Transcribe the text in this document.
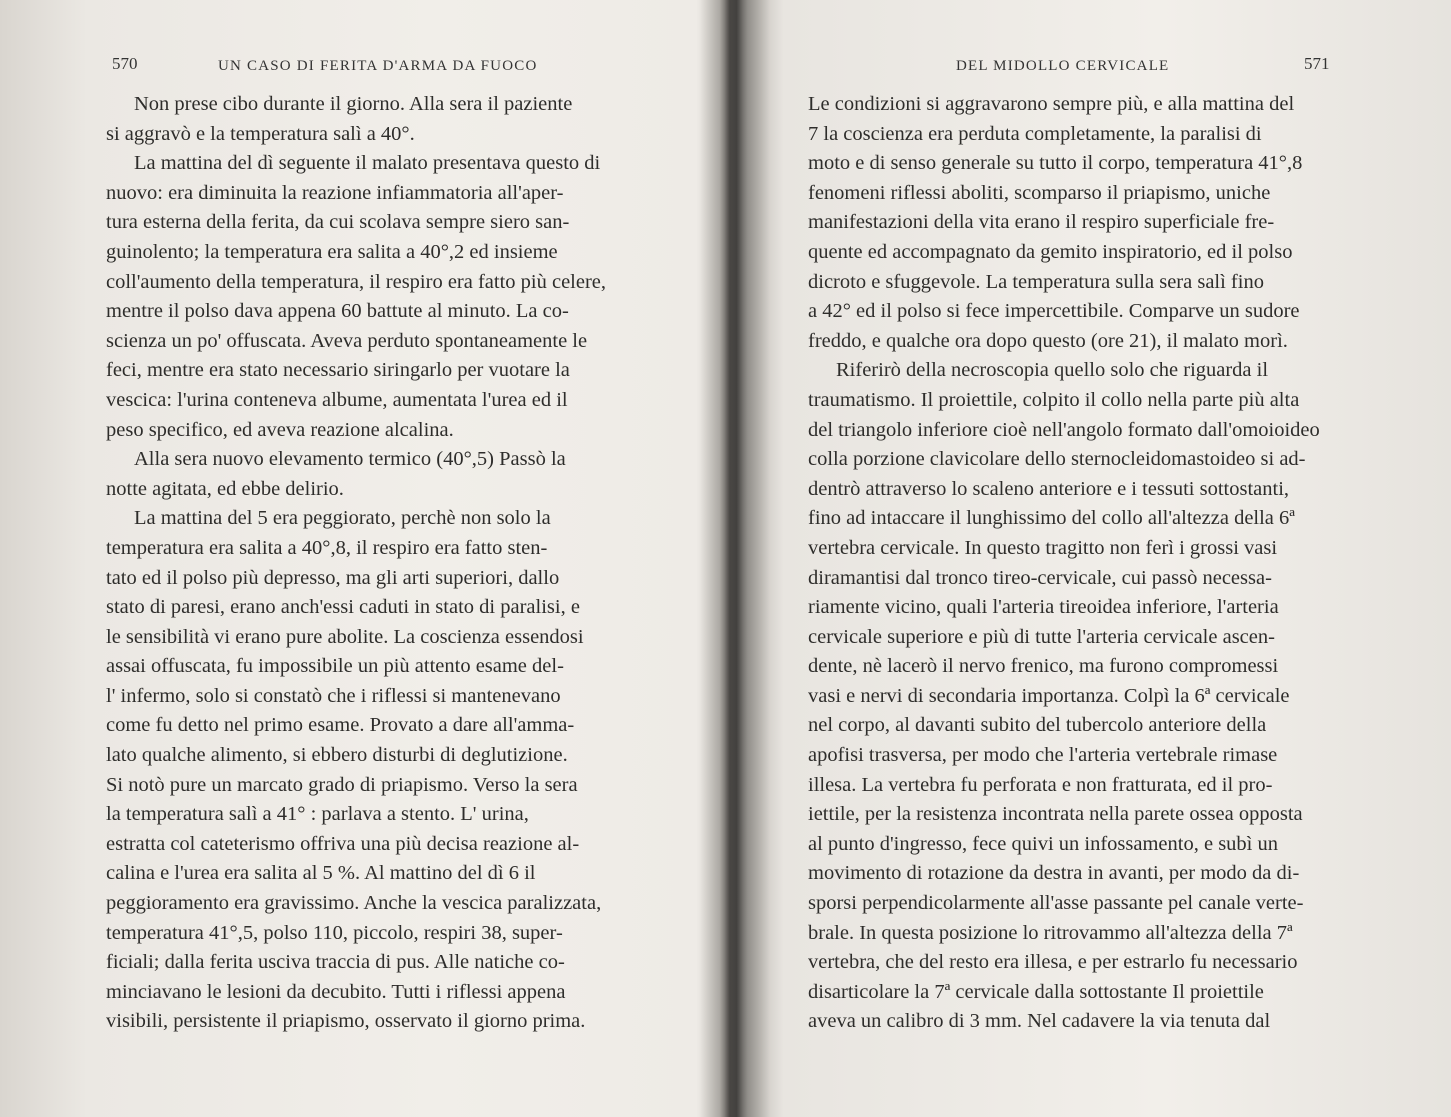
570	UN CASO DI FERITA D'ARMA DA FUOCO
Non prese cibo durante il giorno. Alla sera il paziente
si aggravò e la temperatura salì a 40°.
La mattina del dì seguente il malato presentava questo di
nuovo: era diminuita la reazione infiammatoria all'aper-
tura esterna della ferita, da cui scolava sempre siero san-
guinolento; la temperatura era salita a 40°,2 ed insieme
coll'aumento della temperatura, il respiro era fatto più celere,
mentre il polso dava appena 60 battute al minuto. La co-
scienza un po' offuscata. Aveva perduto spontaneamente le
feci, mentre era stato necessario siringarlo per vuotare la
vescica: l'urina conteneva albume, aumentata l'urea ed il
peso specifico, ed aveva reazione alcalina.
Alla sera nuovo elevamento termico (40°,5) Passò la
notte agitata, ed ebbe delirio.
La mattina del 5 era peggiorato, perchè non solo la
temperatura era salita a 40°,8, il respiro era fatto sten-
tato ed il polso più depresso, ma gli arti superiori, dallo
stato di paresi, erano anch'essi caduti in stato di paralisi, e
le sensibilità vi erano pure abolite. La coscienza essendosi
assai offuscata, fu impossibile un più attento esame del-
l' infermo, solo si constatò che i riflessi si mantenevano
come fu detto nel primo esame. Provato a dare all'amma-
lato qualche alimento, si ebbero disturbi di deglutizione.
Si notò pure un marcato grado di priapismo. Verso la sera
la temperatura salì a 41° : parlava a stento. L' urina,
estratta col cateterismo offriva una più decisa reazione al-
calina e l'urea era salita al 5 %. Al mattino del dì 6 il
peggioramento era gravissimo. Anche la vescica paralizzata,
temperatura 41°,5, polso 110, piccolo, respiri 38, super-
ficiali; dalla ferita usciva traccia di pus. Alle natiche co-
minciavano le lesioni da decubito. Tutti i riflessi appena
visibili, persistente il priapismo, osservato il giorno prima.
DEL MIDOLLO CERVICALE	571
Le condizioni si aggravarono sempre più, e alla mattina del
7 la coscienza era perduta completamente, la paralisi di
moto e di senso generale su tutto il corpo, temperatura 41°,8
fenomeni riflessi aboliti, scomparso il priapismo, uniche
manifestazioni della vita erano il respiro superficiale fre-
quente ed accompagnato da gemito inspiratorio, ed il polso
dicroto e sfuggevole. La temperatura sulla sera salì fino
a 42° ed il polso si fece impercettibile. Comparve un sudore
freddo, e qualche ora dopo questo (ore 21), il malato morì.
Riferirò della necroscopia quello solo che riguarda il
traumatismo. Il proiettile, colpito il collo nella parte più alta
del triangolo inferiore cioè nell'angolo formato dall'omoioideo
colla porzione clavicolare dello sternocleidomastoideo si ad-
dentrò attraverso lo scaleno anteriore e i tessuti sottostanti,
fino ad intaccare il lunghissimo del collo all'altezza della 6ª
vertebra cervicale. In questo tragitto non ferì i grossi vasi
diramantisi dal tronco tireo-cervicale, cui passò necessa-
riamente vicino, quali l'arteria tireoidea inferiore, l'arteria
cervicale superiore e più di tutte l'arteria cervicale ascen-
dente, nè lacerò il nervo frenico, ma furono compromessi
vasi e nervi di secondaria importanza. Colpì la 6ª cervicale
nel corpo, al davanti subito del tubercolo anteriore della
apofisi trasversa, per modo che l'arteria vertebrale rimase
illesa. La vertebra fu perforata e non fratturata, ed il pro-
iettile, per la resistenza incontrata nella parete ossea opposta
al punto d'ingresso, fece quivi un infossamento, e subì un
movimento di rotazione da destra in avanti, per modo da di-
sporsi perpendicolarmente all'asse passante pel canale verte-
brale. In questa posizione lo ritrovammo all'altezza della 7ª
vertebra, che del resto era illesa, e per estrarlo fu necessario
disarticolare la 7ª cervicale dalla sottostante Il proiettile
aveva un calibro di 3 mm. Nel cadavere la via tenuta dal
